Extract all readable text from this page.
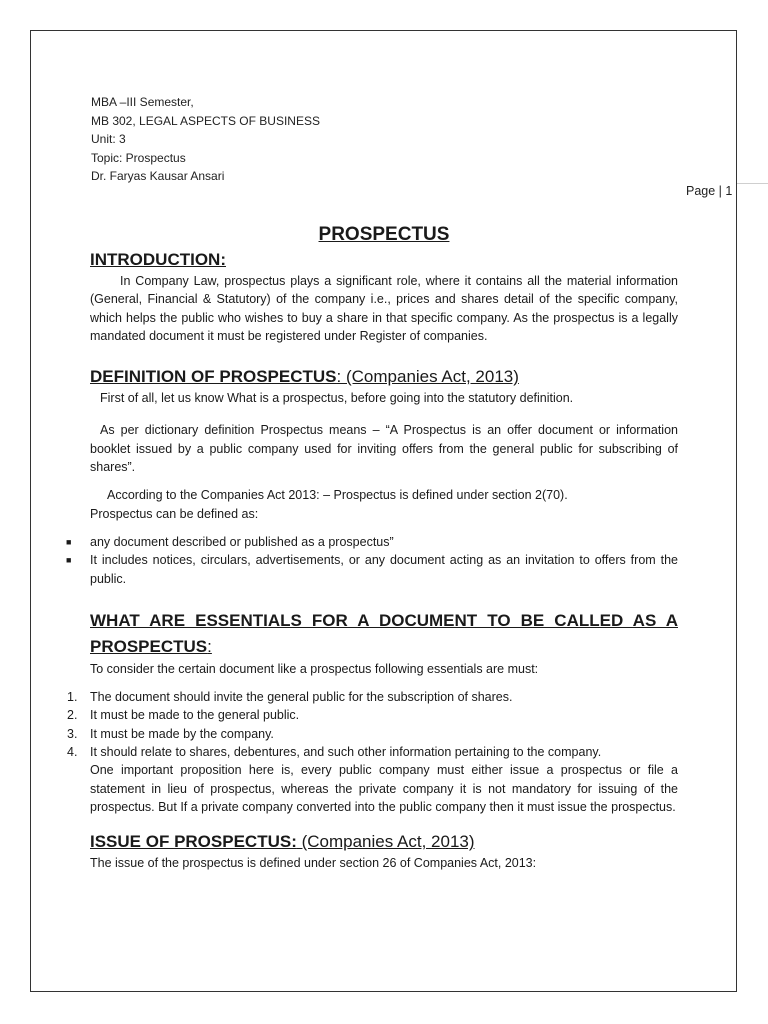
Page | 1
MBA –III Semester,
MB 302, LEGAL ASPECTS OF BUSINESS
Unit: 3
Topic: Prospectus
Dr. Faryas Kausar Ansari
PROSPECTUS
INTRODUCTION:

In Company Law, prospectus plays a significant role, where it contains all the material information (General, Financial & Statutory) of the company i.e., prices and shares detail of the specific company, which helps the public who wishes to buy a share in that specific company. As the prospectus is a legally mandated document it must be registered under Register of companies.

DEFINITION OF PROSPECTUS: (Companies Act, 2013)

First of all, let us know What is a prospectus, before going into the statutory definition.

As per dictionary definition Prospectus means – “A Prospectus is an offer document or information booklet issued by a public company used for inviting offers from the general public for subscribing of shares”.

According to the Companies Act 2013: – Prospectus is defined under section 2(70).

Prospectus can be defined as:

■ any document described or published as a prospectus”
■ It includes notices, circulars, advertisements, or any document acting as an invitation to offers from the public.
WHAT ARE ESSENTIALS FOR A DOCUMENT TO BE CALLED AS A PROSPECTUS:

To consider the certain document like a prospectus following essentials are must:

1. The document should invite the general public for the subscription of shares.
2. It must be made to the general public.
3. It must be made by the company.
4. It should relate to shares, debentures, and such other information pertaining to the company.

One important proposition here is, every public company must either issue a prospectus or file a statement in lieu of prospectus, whereas the private company it is not mandatory for issuing of the prospectus. But If a private company converted into the public company then it must issue the prospectus.

ISSUE OF PROSPECTUS: (Companies Act, 2013)

The issue of the prospectus is defined under section 26 of Companies Act, 2013:
